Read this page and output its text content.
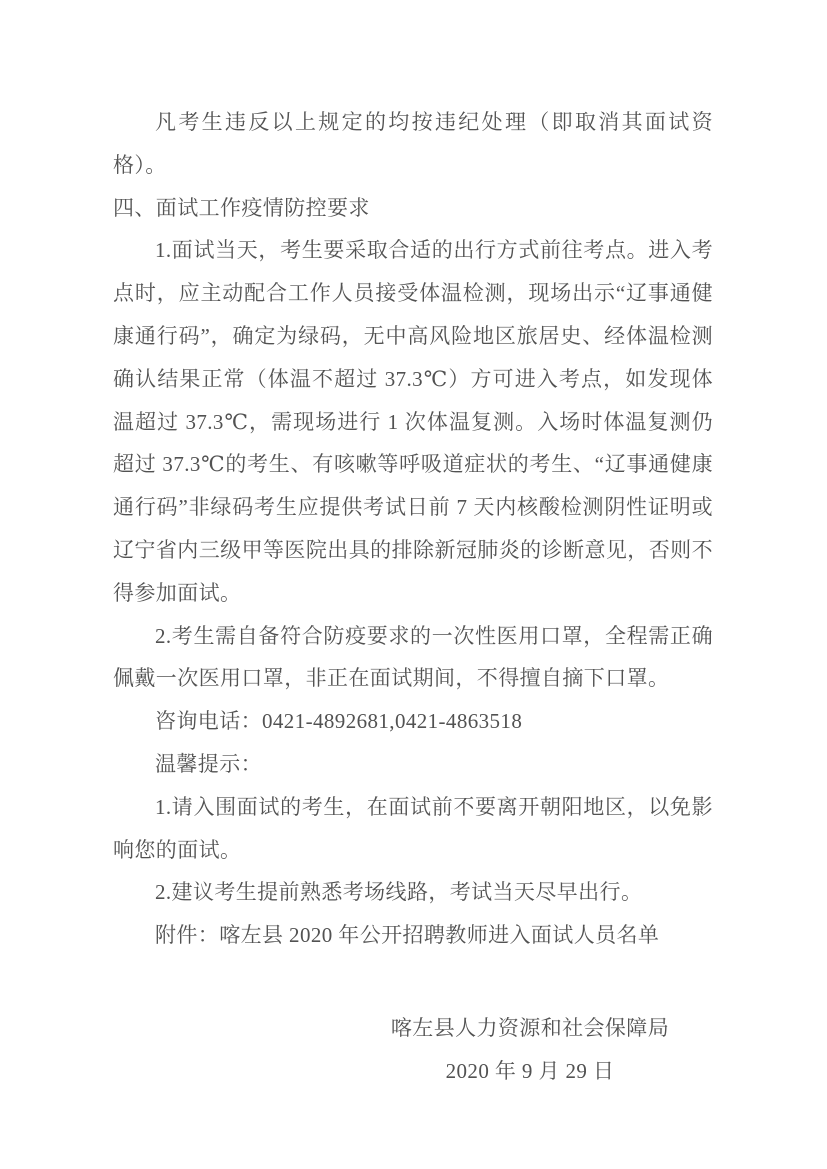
凡考生违反以上规定的均按违纪处理（即取消其面试资格）。

四、面试工作疫情防控要求

1.面试当天，考生要采取合适的出行方式前往考点。进入考点时，应主动配合工作人员接受体温检测，现场出示“辽事通健康通行码”，确定为绿码，无中高风险地区旅居史、经体温检测确认结果正常（体温不超过 37.3℃）方可进入考点，如发现体温超过 37.3℃，需现场进行 1 次体温复测。入场时体温复测仍超过 37.3℃的考生、有咳嗽等呼吸道症状的考生、“辽事通健康通行码”非绿码考生应提供考试日前 7 天内核酸检测阴性证明或辽宁省内三级甲等医院出具的排除新冠肺炎的诊断意见，否则不得参加面试。

2.考生需自备符合防疫要求的一次性医用口罩，全程需正确佩戴一次医用口罩，非正在面试期间，不得擅自摘下口罩。

咨询电话：0421-4892681,0421-4863518

温馨提示：

1.请入围面试的考生，在面试前不要离开朝阳地区，以免影响您的面试。

2.建议考生提前熟悉考场线路，考试当天尽早出行。

附件：喀左县 2020 年公开招聘教师进入面试人员名单

喀左县人力资源和社会保障局

2020 年 9 月 29 日
